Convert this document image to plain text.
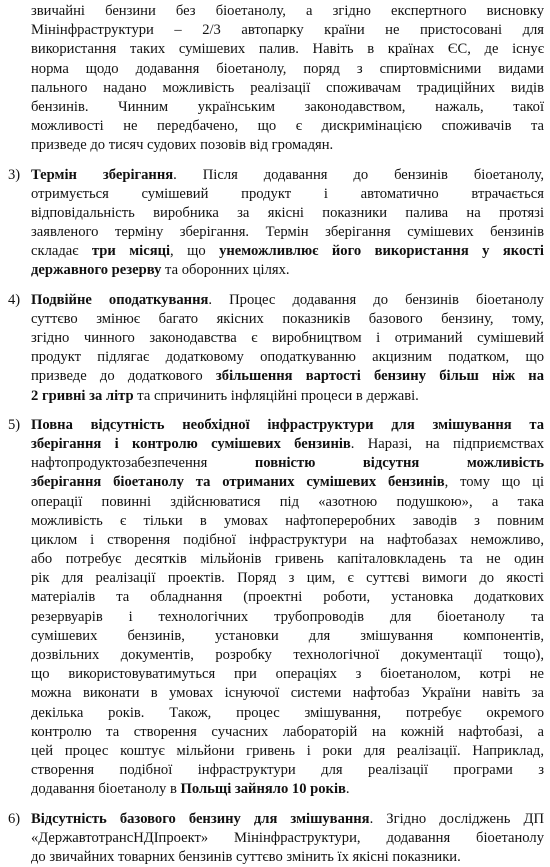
звичайні бензини без біоетанолу, а згідно експертного висновку
Мінінфраструктури – 2/3 автопарку країни не пристосовані для
використання таких сумішевих палив. Навіть в країнах ЄС, де існує
норма щодо додавання біоетанолу, поряд з спиртовмісними видами
пального надано можливість реалізації споживачам традиційних видів
бензинів. Чинним українським законодавством, нажаль, такої
можливості не передбачено, що є дискримінацією споживачів та
призведе до тисяч судових позовів від громадян.
3) Термін зберігання. Після додавання до бензинів біоетанолу,
отримується сумішевий продукт і автоматично втрачається
відповідальність виробника за якісні показники палива на протязі
заявленого терміну зберігання. Термін зберігання сумішевих бензинів
складає три місяці, що унеможливлює його використання у якості
державного резерву та оборонних цілях.
4) Подвійне оподаткування. Процес додавання до бензинів біоетанолу
суттєво змінює багато якісних показників базового бензину, тому,
згідно чинного законодавства є виробництвом і отриманий сумішевий
продукт підлягає додатковому оподаткуванню акцизним податком, що
призведе до додаткового збільшення вартості бензину більш ніж на
2 гривні за літр та спричинить інфляційні процеси в державі.
5) Повна відсутність необхідної інфраструктури для змішування та
зберігання і контролю сумішевих бензинів. Наразі, на підприємствах
нафтопродуктозабезпечення повністю відсутня можливість
зберігання біоетанолу та отриманих сумішевих бензинів, тому що ці
операції повинні здійснюватися під «азотною подушкою», а така
можливість є тільки в умовах нафтопереробних заводів з повним
циклом і створення подібної інфраструктури на нафтобазах неможливо,
або потребує десятків мільйонів гривень капіталовкладень та не один
рік для реалізації проектів. Поряд з цим, є суттєві вимоги до якості
матеріалів та обладнання (проектні роботи, установка додаткових
резервуарів і технологічних трубопроводів для біоетанолу та
сумішевих бензинів, установки для змішування компонентів,
дозвільних документів, розробку технологічної документації тощо),
що використовуватимуться при операціях з біоетанолом, котрі не
можна виконати в умовах існуючої системи нафтобаз України навіть за
декілька років. Також, процес змішування, потребує окремого
контролю та створення сучасних лабораторій на кожній нафтобазі, а
цей процес коштує мільйони гривень і роки для реалізації. Наприклад,
створення подібної інфраструктури для реалізації програми з
додавання біоетанолу в Польщі зайняло 10 років.
6) Відсутність базового бензину для змішування. Згідно досліджень ДП
«ДержавтотрансНДІпроект» Мінінфраструктури, додавання біоетанолу
до звичайних товарних бензинів суттєво змінить їх якісні показники.
